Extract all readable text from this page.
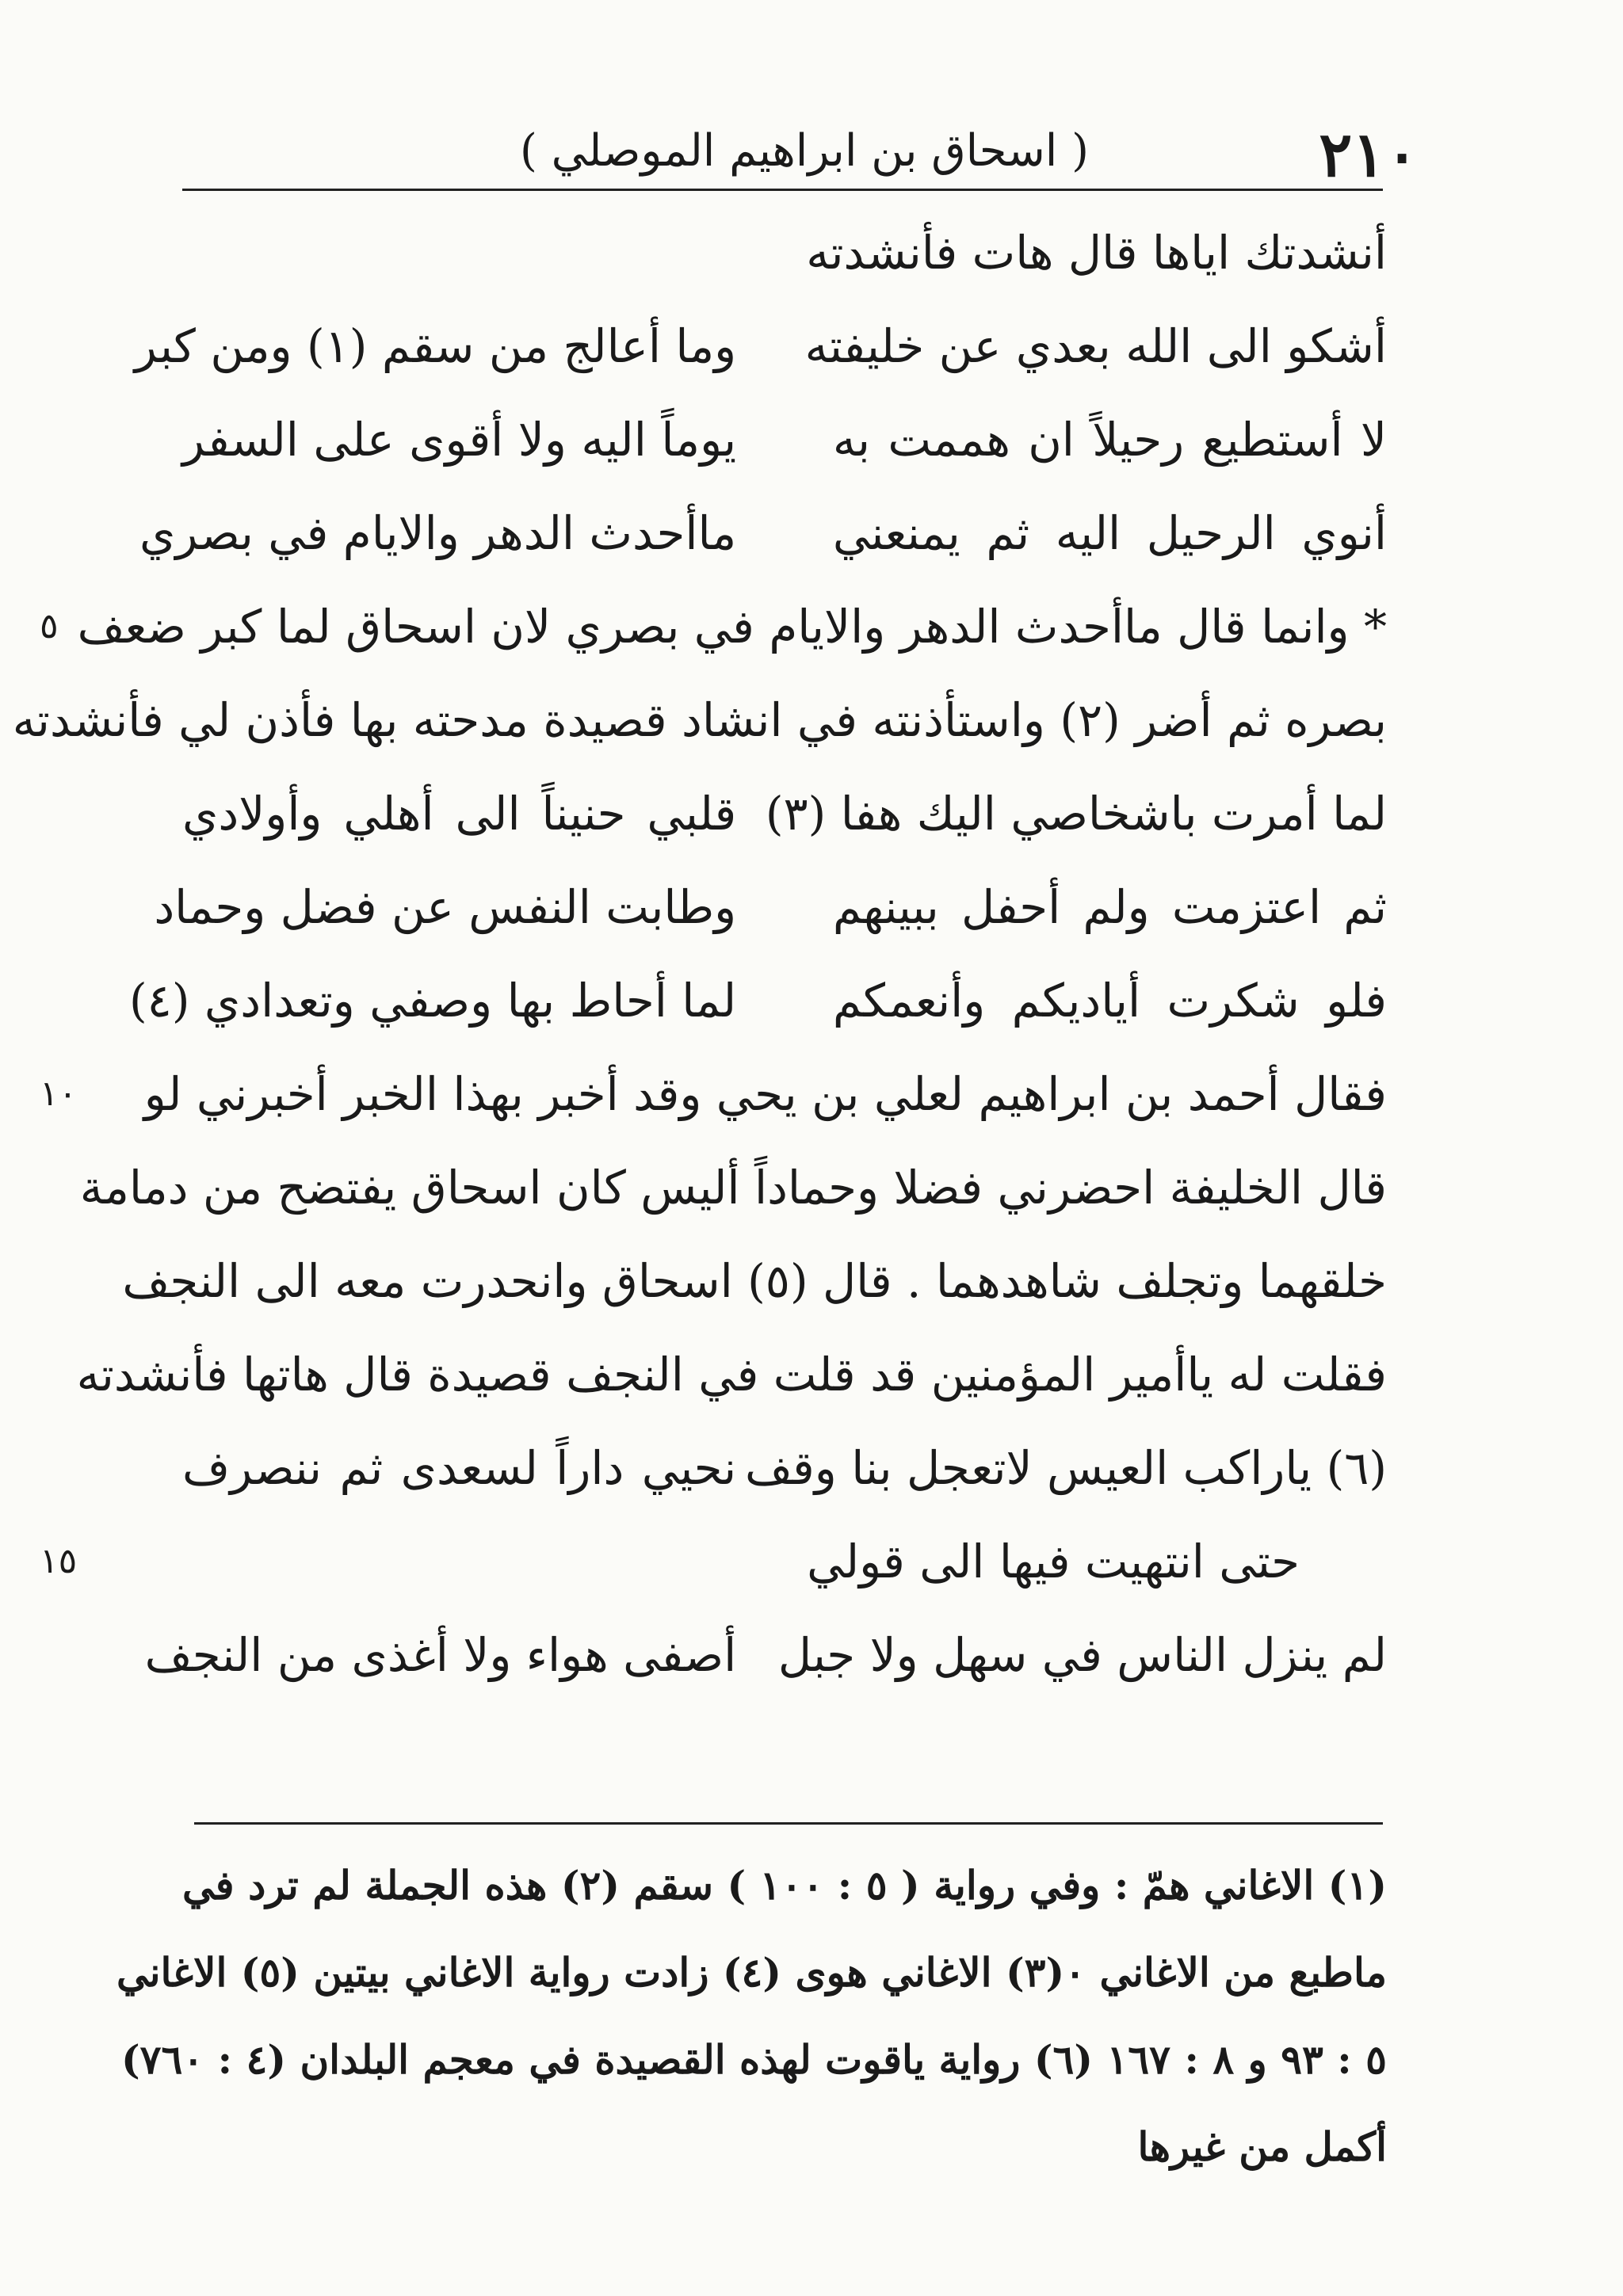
٢١٠
( اسحاق بن ابراهيم الموصلي )
أنشدتك اياها قال هات فأنشدته
أشكو الى الله بعدي عن خليفته
وما أعالج من سقم (١) ومن كبر
لا أستطيع رحيلاً ان هممت به
يوماً اليه ولا أقوى على السفر
أنوي الرحيل اليه ثم يمنعني
ماأحدث الدهر والايام في بصري
* وانما قال ماأحدث الدهر والايام في بصري لان اسحاق لما كبر ضعف
٥
بصره ثم أضر (٢) واستأذنته في انشاد قصيدة مدحته بها فأذن لي فأنشدته
لما أمرت باشخاصي اليك هفا (٣)
قلبي حنيناً الى أهلي وأولادي
ثم اعتزمت ولم أحفل ببينهم
وطابت النفس عن فضل وحماد
فلو شكرت أياديكم وأنعمكم
لما أحاط بها وصفي وتعدادي (٤)
فقال أحمد بن ابراهيم لعلي بن يحي وقد أخبر بهذا الخبر أخبرني لو
١٠
قال الخليفة احضرني فضلا وحماداً أليس كان اسحاق يفتضح من دمامة
خلقهما وتجلف شاهدهما . قال (٥) اسحاق وانحدرت معه الى النجف
فقلت له ياأمير المؤمنين قد قلت في النجف قصيدة قال هاتها فأنشدته
(٦) ياراكب العيس لاتعجل بنا وقف
نحيي داراً لسعدى ثم ننصرف
حتى انتهيت فيها الى قولي
١٥
لم ينزل الناس في سهل ولا جبل
أصفى هواء ولا أغذى من النجف
(١) الاغاني همّ : وفي رواية ( ٥ : ١٠٠ ) سقم (٢) هذه الجملة لم ترد في
ماطبع من الاغاني ٠(٣) الاغاني هوى (٤) زادت رواية الاغاني بيتين (٥) الاغاني
٥ : ٩٣ و ٨ : ١٦٧ (٦) رواية ياقوت لهذه القصيدة في معجم البلدان (٤ : ٧٦٠)
أكمل من غيرها
